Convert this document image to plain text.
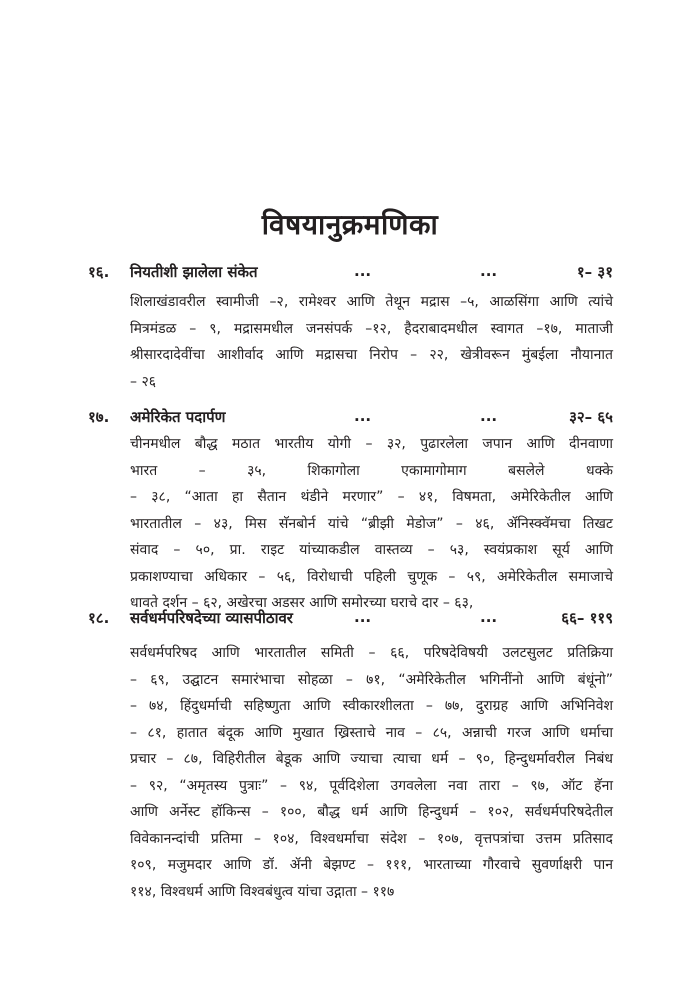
विषयानुक्रमणिका
१६. नियतीशी झालेला संकेत	...	...	१– ३१
शिलाखंडावरील स्वामीजी –२, रामेश्वर आणि तेथून मद्रास –५, आळसिंगा आणि त्यांचे
मित्रमंडळ – ९, मद्रासमधील जनसंपर्क –१२, हैदराबादमधील स्वागत –१७, माताजी
श्रीसारदादेवींचा आशीर्वाद आणि मद्रासचा निरोप – २२, खेत्रीवरून मुंबईला नौयानात
– २६
१७. अमेरिकेत पदार्पण	...	...	३२– ६५
चीनमधील बौद्ध मठात भारतीय योगी – ३२, पुढारलेला जपान आणि दीनवाणा
भारत – ३५, शिकागोला एकामागोमाग बसलेले धक्के
– ३८, “आता हा सैतान थंडीने मरणार” – ४१, विषमता, अमेरिकेतील आणि
भारतातील – ४३, मिस सॅनबोर्न यांचे “ब्रीझी मेडोज” – ४६, ॲनिस्क्वॅमचा तिखट
संवाद – ५०, प्रा. राइट यांच्याकडील वास्तव्य – ५३, स्वयंप्रकाश सूर्य आणि
प्रकाशण्याचा अधिकार – ५६, विरोधाची पहिली चुणूक – ५९, अमेरिकेतील समाजाचे
धावते दर्शन – ६२, अखेरचा अडसर आणि समोरच्या घराचे दार – ६३,
१८. सर्वधर्मपरिषदेच्या व्यासपीठावर	...	...	६६– ११९
सर्वधर्मपरिषद आणि भारतातील समिती – ६६, परिषदेविषयी उलटसुलट प्रतिक्रिया
– ६९, उद्घाटन समारंभाचा सोहळा – ७१, “अमेरिकेतील भगिनींनो आणि बंधूंनो”
– ७४, हिंदुधर्माची सहिष्णुता आणि स्वीकारशीलता – ७७, दुराग्रह आणि अभिनिवेश
– ८१, हातात बंदूक आणि मुखात ख्रिस्ताचे नाव – ८५, अन्नाची गरज आणि धर्माचा
प्रचार – ८७, विहिरीतील बेडूक आणि ज्याचा त्याचा धर्म – ९०, हिन्दुधर्मावरील निबंध
– ९२, “अमृतस्य पुत्राः” – ९४, पूर्वदिशेला उगवलेला नवा तारा – ९७, ऑट हॅना
आणि अर्नेस्ट हॉकिन्स – १००, बौद्ध धर्म आणि हिन्दुधर्म – १०२, सर्वधर्मपरिषदेतील
विवेकानन्दांची प्रतिमा – १०४, विश्वधर्माचा संदेश – १०७, वृत्तपत्रांचा उत्तम प्रतिसाद
१०९, मजुमदार आणि डॉ. ॲनी बेझण्ट – १११, भारताच्या गौरवाचे सुवर्णाक्षरी पान
११४, विश्वधर्म आणि विश्वबंधुत्व यांचा उद्गाता – ११७
